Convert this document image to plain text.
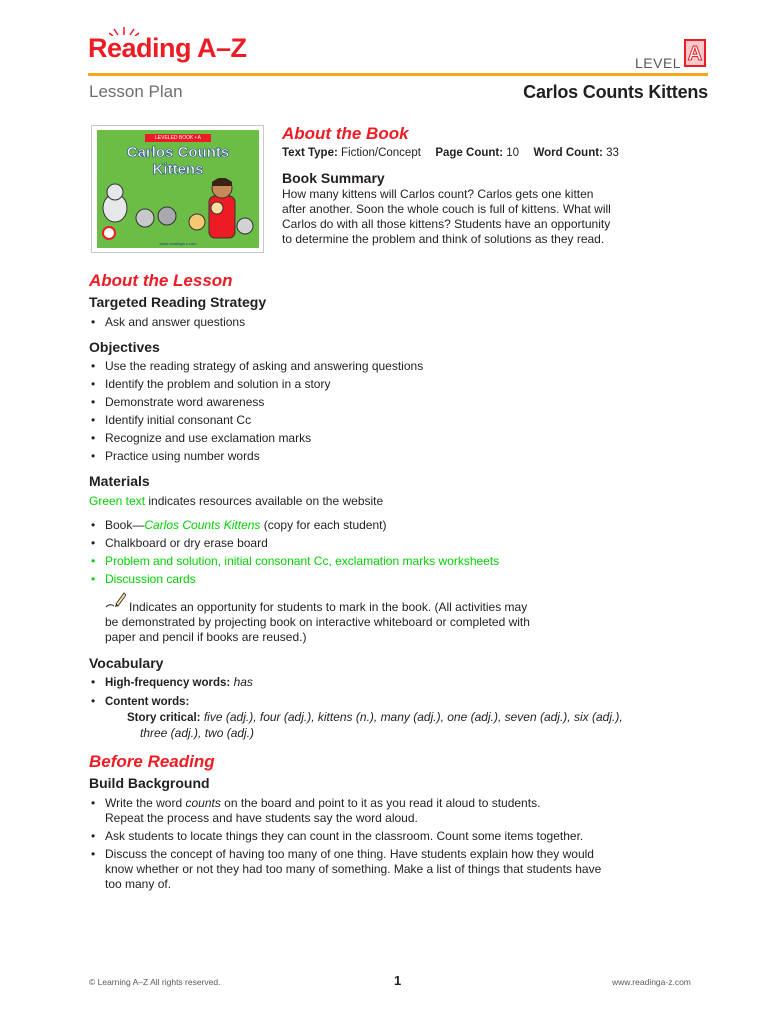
Reading A–Z	LEVEL A
Lesson Plan	Carlos Counts Kittens
LEVELED BOOK • A
Carlos Counts
Kittens
www.readinga-z.com
About the Book
Text Type: Fiction/Concept Page Count: 10 Word Count: 33
Book Summary
How many kittens will Carlos count? Carlos gets one kitten
after another. Soon the whole couch is full of kittens. What will
Carlos do with all those kittens? Students have an opportunity
to determine the problem and think of solutions as they read.
About the Lesson
Targeted Reading Strategy
• Ask and answer questions
Objectives
• Use the reading strategy of asking and answering questions
• Identify the problem and solution in a story
• Demonstrate word awareness
• Identify initial consonant Cc
• Recognize and use exclamation marks
• Practice using number words
Materials
Green text indicates resources available on the website
• Book—Carlos Counts Kittens (copy for each student)
• Chalkboard or dry erase board
• Problem and solution, initial consonant Cc, exclamation marks worksheets
• Discussion cards
Indicates an opportunity for students to mark in the book. (All activities may
be demonstrated by projecting book on interactive whiteboard or completed with
paper and pencil if books are reused.)
Vocabulary
• High-frequency words: has
• Content words:
Story critical: five (adj.), four (adj.), kittens (n.), many (adj.), one (adj.), seven (adj.), six (adj.),
three (adj.), two (adj.)
Before Reading
Build Background
• Write the word counts on the board and point to it as you read it aloud to students.
Repeat the process and have students say the word aloud.
• Ask students to locate things they can count in the classroom. Count some items together.
• Discuss the concept of having too many of one thing. Have students explain how they would
know whether or not they had too many of something. Make a list of things that students have
too many of.
© Learning A–Z All rights reserved.	1	www.readinga-z.com
